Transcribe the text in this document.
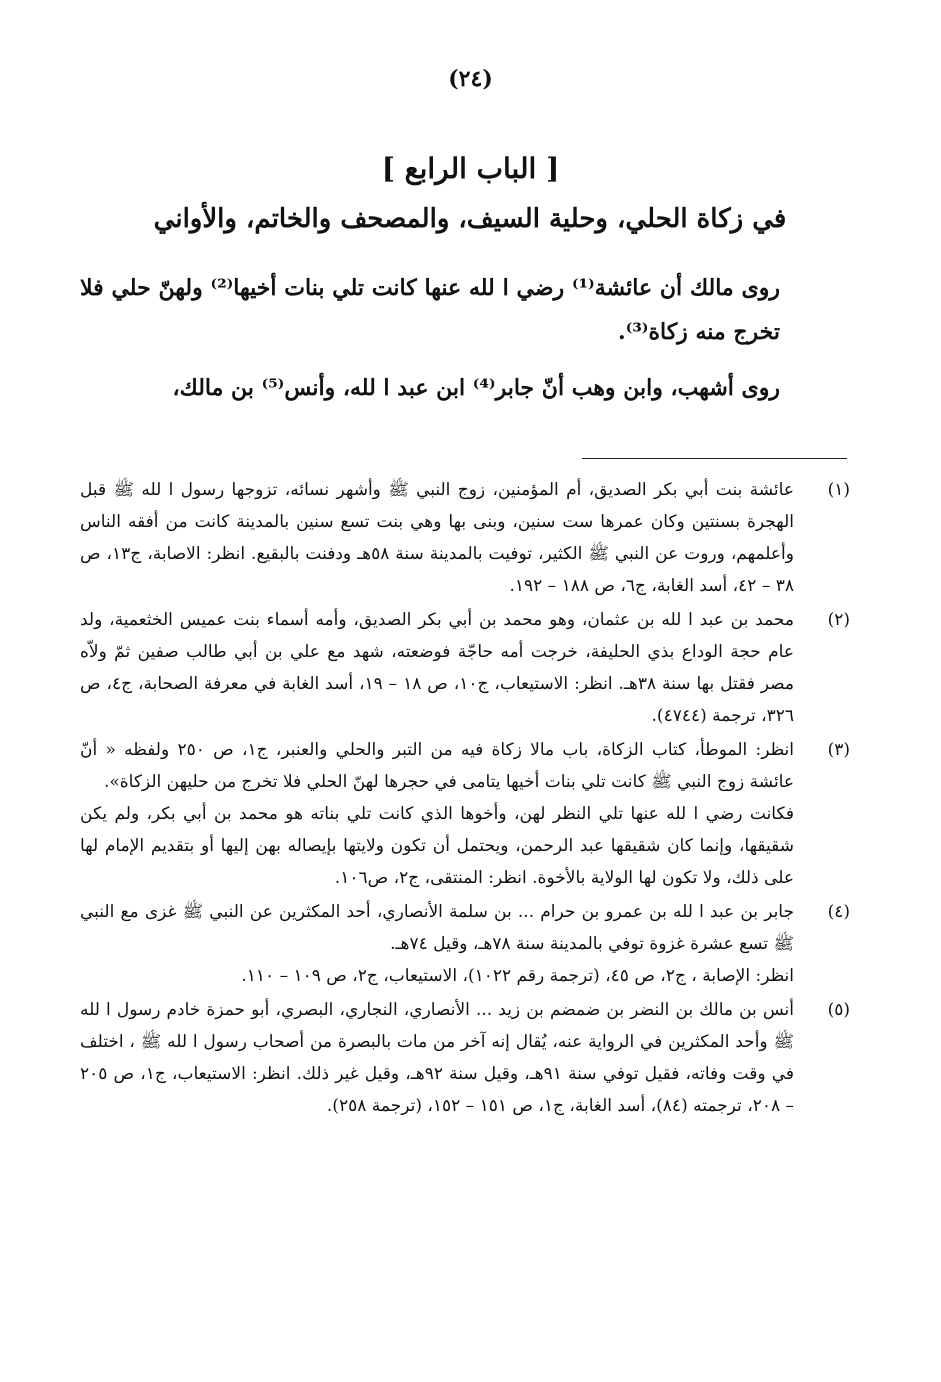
(٢٤)
[ الباب الرابع ]
في زكاة الحلي، وحلية السيف، والمصحف والخاتم، والأواني
روى مالك أن عائشة⁽¹⁾ رضي ا لله عنها كانت تلي بنات أخيها⁽²⁾ ولهنّ حلي فلا تخرج منه زكاة⁽³⁾.
روى أشهب، وابن وهب أنّ جابر⁽⁴⁾ ابن عبد ا لله، وأنس⁽⁵⁾ بن مالك،
(١)
عائشة بنت أبي بكر الصديق، أم المؤمنين، زوج النبي ﷺ وأشهر نسائه، تزوجها رسول ا لله ﷺ قبل الهجرة بسنتين وكان عمرها ست سنين، وبنى بها وهي بنت تسع سنين بالمدينة كانت من أفقه الناس وأعلمهم، وروت عن النبي ﷺ الكثير، توفيت بالمدينة سنة ٥٨هـ ودفنت بالبقيع. انظر: الاصابة، ج١٣، ص ٣٨ – ٤٢، أسد الغابة، ج٦، ص ١٨٨ – ١٩٢.
(٢)
محمد بن عبد ا لله بن عثمان، وهو محمد بن أبي بكر الصديق، وأمه أسماء بنت عميس الخثعمية، ولد عام حجة الوداع بذي الحليفة، خرجت أمه حاجّة فوضعته، شهد مع علي بن أبي طالب صفين ثمّ ولاّه مصر فقتل بها سنة ٣٨هـ. انظر: الاستيعاب، ج١٠، ص ١٨ – ١٩، أسد الغابة في معرفة الصحابة، ج٤، ص ٣٢٦، ترجمة (٤٧٤٤).
(٣)
انظر: الموطأ، كتاب الزكاة، باب مالا زكاة فيه من التبر والحلي والعنبر، ج١، ص ٢٥٠ ولفظه « أنّ عائشة زوج النبي ﷺ كانت تلي بنات أخيها يتامى في حجرها لهنّ الحلي فلا تخرج من حليهن الزكاة».
فكانت رضي ا لله عنها تلي النظر لهن، وأخوها الذي كانت تلي بناته هو محمد بن أبي بكر، ولم يكن شقيقها، وإنما كان شقيقها عبد الرحمن، ويحتمل أن تكون ولايتها بإيصاله بهن إليها أو بتقديم الإمام لها على ذلك، ولا تكون لها الولاية بالأخوة. انظر: المنتقى، ج٢، ص١٠٦.
(٤)
جابر بن عبد ا لله بن عمرو بن حرام ... بن سلمة الأنصاري، أحد المكثرين عن النبي ﷺ غزى مع النبي ﷺ تسع عشرة غزوة توفي بالمدينة سنة ٧٨هـ، وقيل ٧٤هـ.
انظر: الإصابة ، ج٢، ص ٤٥، (ترجمة رقم ١٠٢٢)، الاستيعاب، ج٢، ص ١٠٩ – ١١٠.
(٥)
أنس بن مالك بن النضر بن ضمضم بن زيد ... الأنصاري، النجاري، البصري، أبو حمزة خادم رسول ا لله ﷺ وأحد المكثرين في الرواية عنه، يُقال إنه آخر من مات بالبصرة من أصحاب رسول ا لله ﷺ ، اختلف في وقت وفاته، فقيل توفي سنة ٩١هـ، وقيل سنة ٩٢هـ، وقيل غير ذلك. انظر: الاستيعاب، ج١، ص ٢٠٥ – ٢٠٨، ترجمته (٨٤)، أسد الغابة، ج١، ص ١٥١ – ١٥٢، (ترجمة ٢٥٨).
